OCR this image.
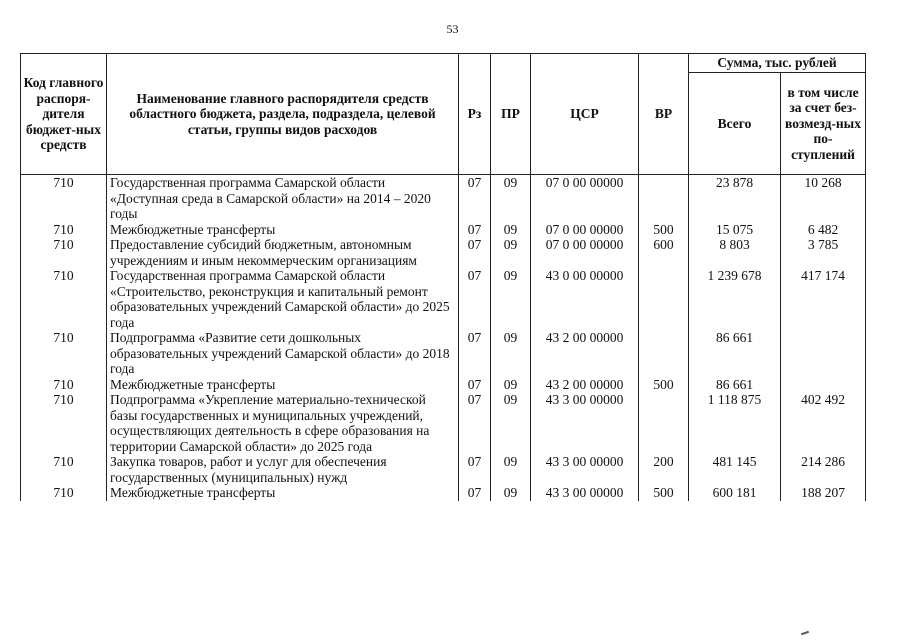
53
Код главного распоря-дителя бюджет-ных средств	Наименование главного распорядителя средств областного бюджета, раздела, подраздела, целевой статьи, группы видов расходов	Рз	ПР	ЦСР	ВР	Сумма, тыс. рублей	
						Всего	в том числе за счет без-возмезд-ных по-ступлений
710	Государственная программа Самарской области «Доступная среда в Самарской области» на 2014 – 2020 годы	07	09	07 0 00 00000		23 878	10 268
710	Межбюджетные трансферты	07	09	07 0 00 00000	500	15 075	6 482
710	Предоставление субсидий бюджетным, автономным учреждениям и иным некоммерческим организациям	07	09	07 0 00 00000	600	8 803	3 785
710	Государственная программа Самарской области «Строительство, реконструкция и капитальный ремонт образовательных учреждений Самарской области» до 2025 года	07	09	43 0 00 00000		1 239 678	417 174
710	Подпрограмма «Развитие сети дошкольных образовательных учреждений Самарской области» до 2018 года	07	09	43 2 00 00000		86 661	
710	Межбюджетные трансферты	07	09	43 2 00 00000	500	86 661	
710	Подпрограмма «Укрепление материально-технической базы государственных и муниципальных учреждений, осуществляющих деятельность в сфере образования на территории Самарской области» до 2025 года	07	09	43 3 00 00000		1 118 875	402 492
710	Закупка товаров, работ и услуг для обеспечения государственных (муниципальных) нужд	07	09	43 3 00 00000	200	481 145	214 286
710	Межбюджетные трансферты	07	09	43 3 00 00000	500	600 181	188 207
